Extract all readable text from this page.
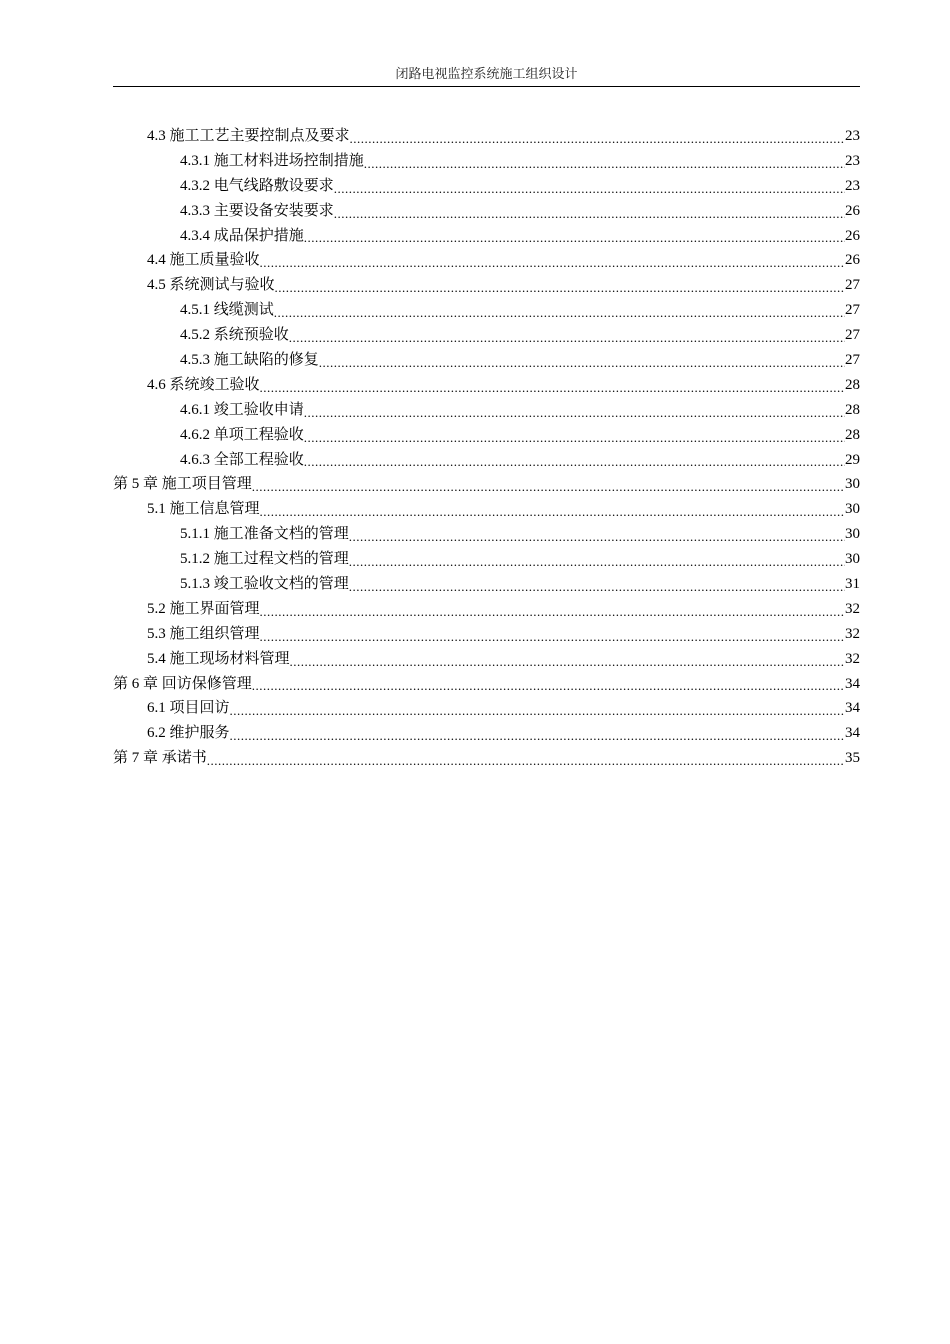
闭路电视监控系统施工组织设计
4.3 施工工艺主要控制点及要求 .....	23
4.3.1 施工材料进场控制措施 .....	23
4.3.2 电气线路敷设要求 .....	23
4.3.3 主要设备安装要求 .....	26
4.3.4 成品保护措施 .....	26
4.4 施工质量验收 .....	26
4.5 系统测试与验收 .....	27
4.5.1 线缆测试 .....	27
4.5.2 系统预验收 .....	27
4.5.3 施工缺陷的修复 .....	27
4.6 系统竣工验收 .....	28
4.6.1 竣工验收申请 .....	28
4.6.2 单项工程验收 .....	28
4.6.3 全部工程验收 .....	29
第 5 章 施工项目管理 .....	30
5.1 施工信息管理 .....	30
5.1.1 施工准备文档的管理 .....	30
5.1.2 施工过程文档的管理 .....	30
5.1.3 竣工验收文档的管理 .....	31
5.2 施工界面管理 .....	32
5.3 施工组织管理 .....	32
5.4 施工现场材料管理 .....	32
第 6 章 回访保修管理 .....	34
6.1 项目回访 .....	34
6.2 维护服务 .....	34
第 7 章 承诺书 .....	35
